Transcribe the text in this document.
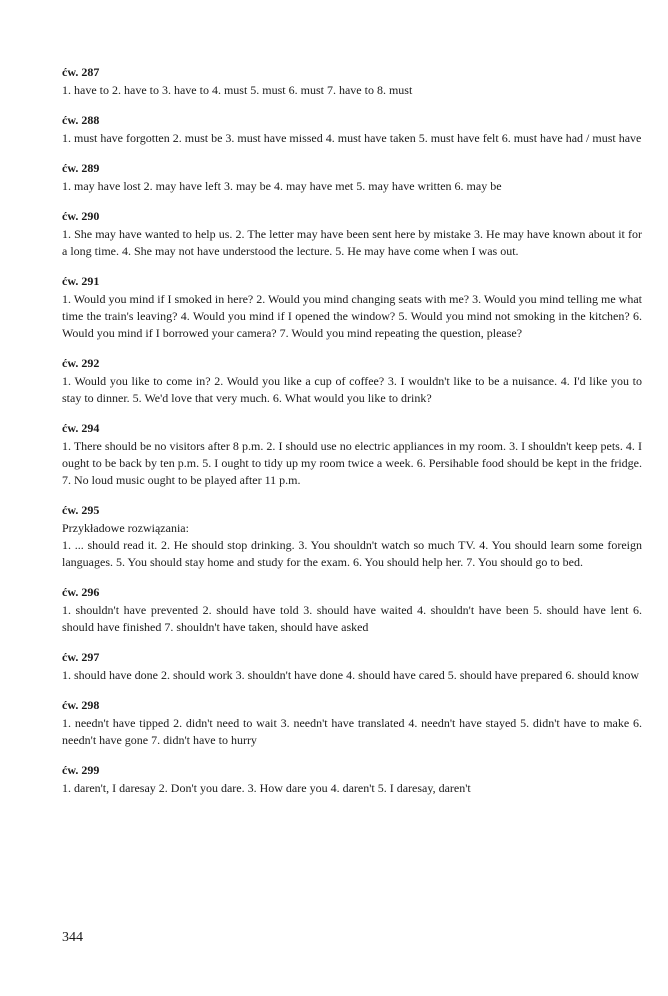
ćw. 287

1. have to 2. have to 3. have to 4. must 5. must 6. must 7. have to 8. must

ćw. 288

1. must have forgotten 2. must be 3. must have missed 4. must have taken 5. must have felt 6. must have had / must have

ćw. 289

1. may have lost 2. may have left 3. may be 4. may have met 5. may have written 6. may be

ćw. 290

1. She may have wanted to help us. 2. The letter may have been sent here by mistake 3. He may have known about it for a long time. 4. She may not have understood the lecture. 5. He may have come when I was out.

ćw. 291

1. Would you mind if I smoked in here? 2. Would you mind changing seats with me? 3. Would you mind telling me what time the train's leaving? 4. Would you mind if I opened the window? 5. Would you mind not smoking in the kitchen? 6. Would you mind if I borrowed your camera? 7. Would you mind repeating the question, please?

ćw. 292

1. Would you like to come in? 2. Would you like a cup of coffee? 3. I wouldn't like to be a nuisance. 4. I'd like you to stay to dinner. 5. We'd love that very much. 6. What would you like to drink?

ćw. 294

1. There should be no visitors after 8 p.m. 2. I should use no electric appliances in my room. 3. I shouldn't keep pets. 4. I ought to be back by ten p.m. 5. I ought to tidy up my room twice a week. 6. Persihable food should be kept in the fridge. 7. No loud music ought to be played after 11 p.m.

ćw. 295

Przykładowe rozwiązania:

1. ... should read it. 2. He should stop drinking. 3. You shouldn't watch so much TV. 4. You should learn some foreign languages. 5. You should stay home and study for the exam. 6. You should help her. 7. You should go to bed.

ćw. 296

1. shouldn't have prevented 2. should have told 3. should have waited 4. shouldn't have been 5. should have lent 6. should have finished 7. shouldn't have taken, should have asked

ćw. 297

1. should have done 2. should work 3. shouldn't have done 4. should have cared 5. should have prepared 6. should know

ćw. 298

1. needn't have tipped 2. didn't need to wait 3. needn't have translated 4. needn't have stayed 5. didn't have to make 6. needn't have gone 7. didn't have to hurry

ćw. 299

1. daren't, I daresay 2. Don't you dare. 3. How dare you 4. daren't 5. I daresay, daren't

344
